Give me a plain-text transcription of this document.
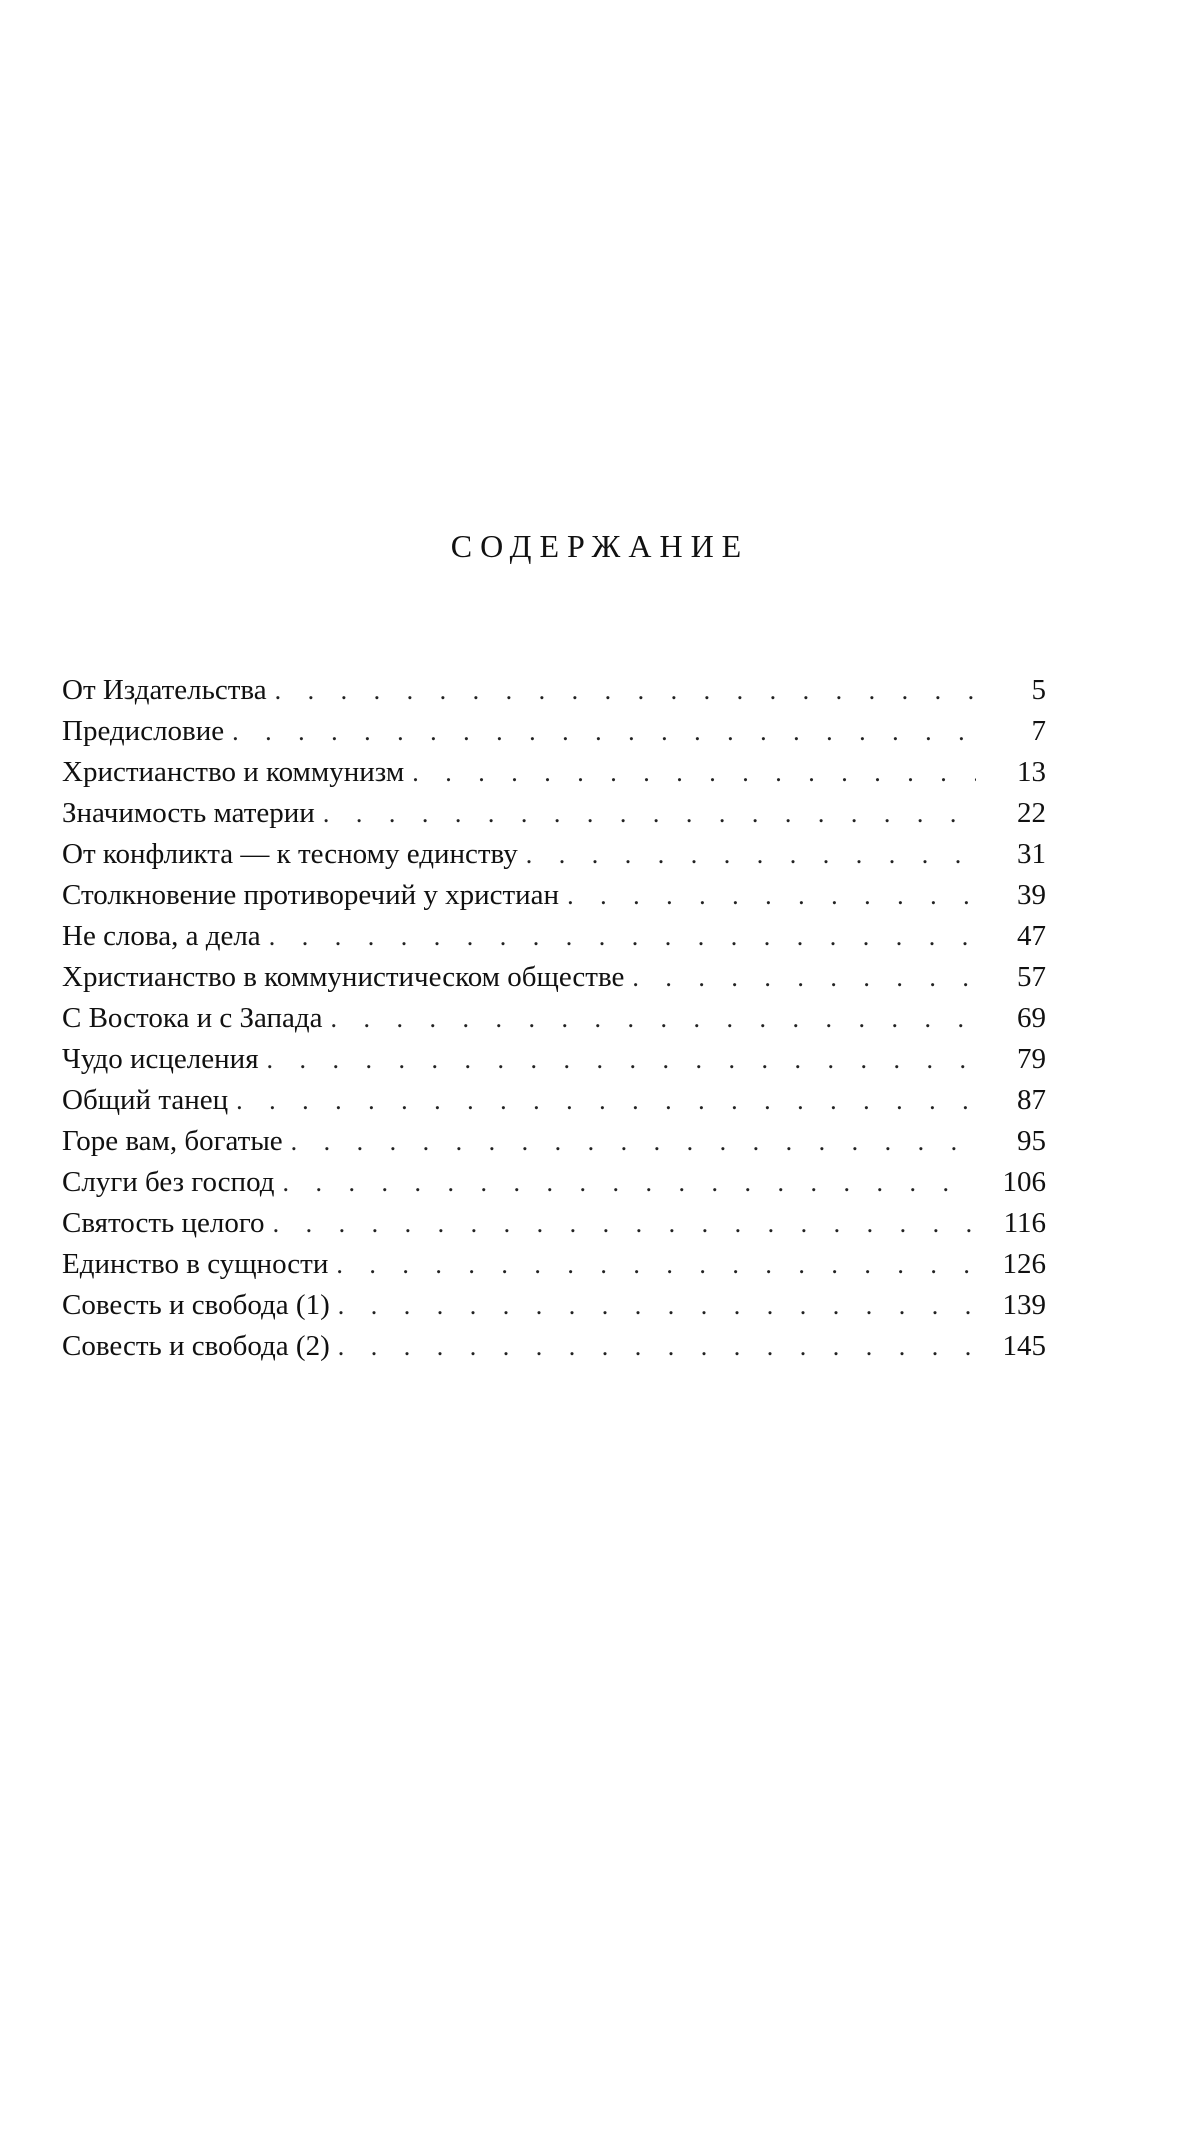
СОДЕРЖАНИЕ
От Издательства . . .	5
Предисловие . . .	7
Христианство и коммунизм . . .	13
Значимость материи . . .	22
От конфликта — к тесному единству . . .	31
Столкновение противоречий у христиан . . .	39
Не слова, а дела . . .	47
Христианство в коммунистическом обществе . . .	57
С Востока и с Запада . . .	69
Чудо исцеления . . .	79
Общий танец . . .	87
Горе вам, богатые . . .	95
Слуги без господ . . .	106
Святость целого . . .	116
Единство в сущности . . .	126
Совесть и свобода (1) . . .	139
Совесть и свобода (2) . . .	145
